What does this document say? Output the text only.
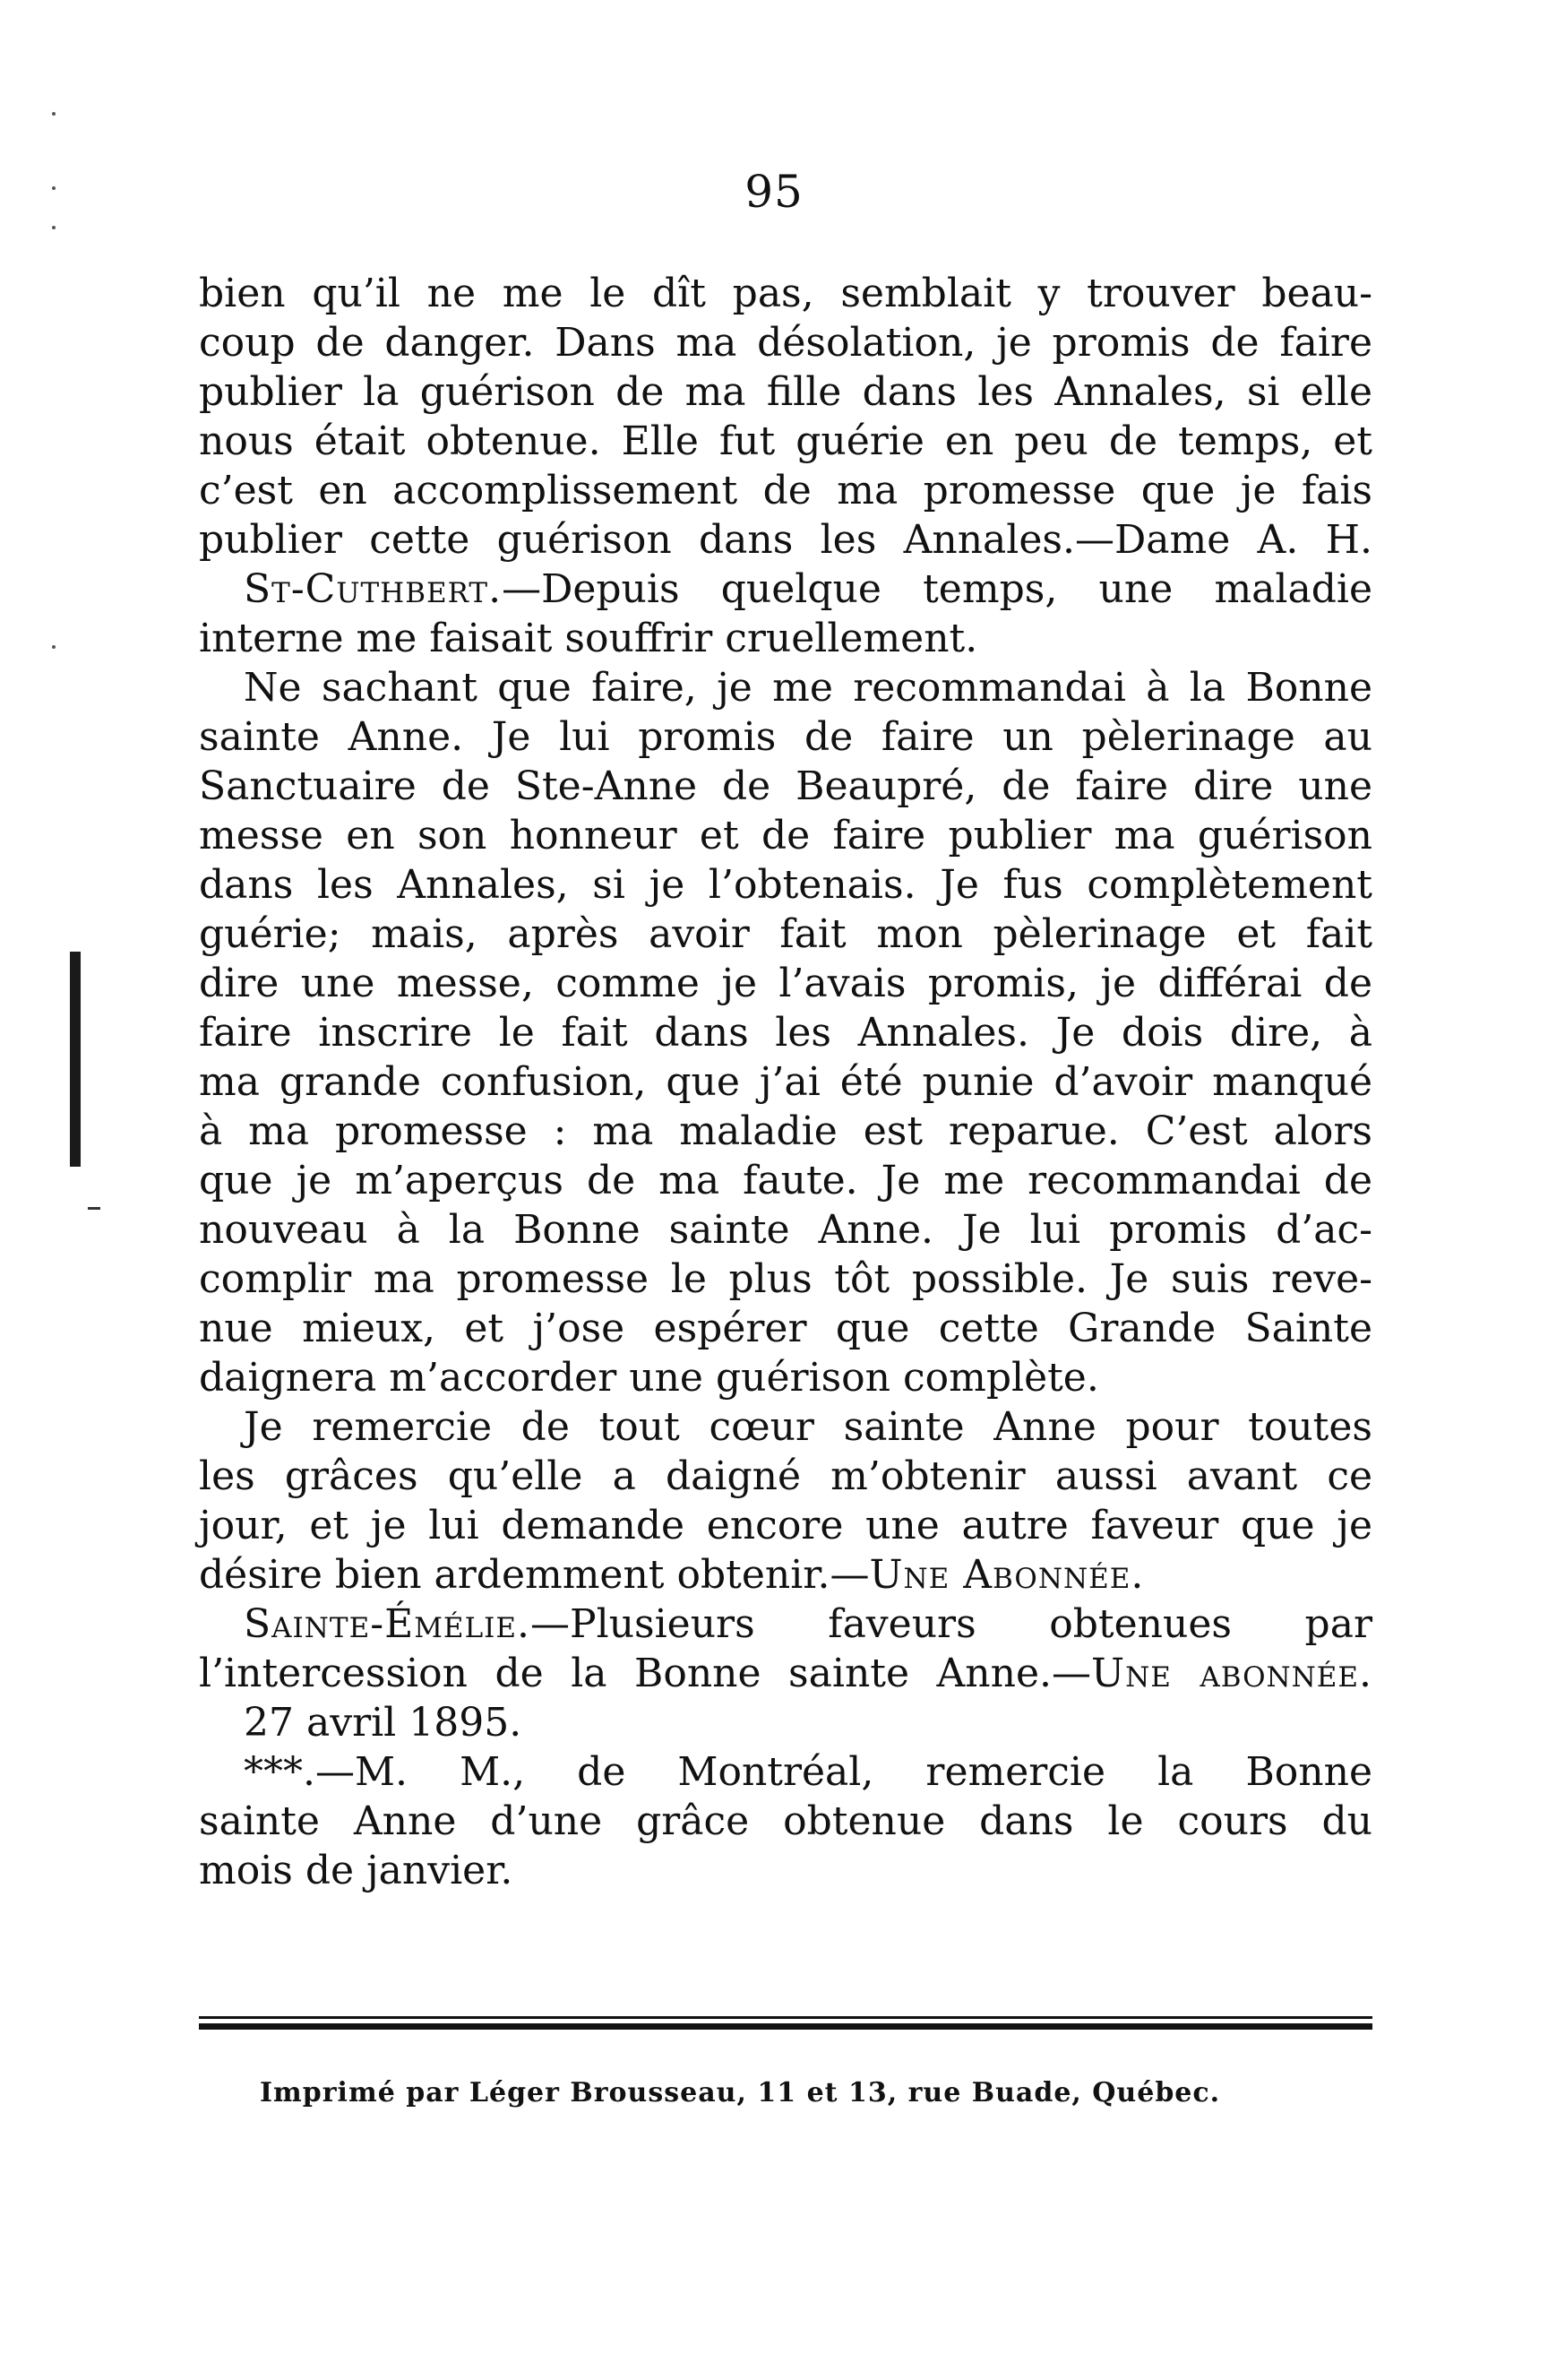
95
bien qu’il ne me le dît pas, semblait y trouver beau-
coup de danger. Dans ma désolation, je promis de faire
publier la guérison de ma fille dans les Annales, si elle
nous était obtenue. Elle fut guérie en peu de temps, et
c’est en accomplissement de ma promesse que je fais
publier cette guérison dans les Annales.—Dame A. H.
St-Cuthbert.—Depuis quelque temps, une maladie
interne me faisait souffrir cruellement.
Ne sachant que faire, je me recommandai à la Bonne
sainte Anne. Je lui promis de faire un pèlerinage au
Sanctuaire de Ste-Anne de Beaupré, de faire dire une
messe en son honneur et de faire publier ma guérison
dans les Annales, si je l’obtenais. Je fus complètement
guérie; mais, après avoir fait mon pèlerinage et fait
dire une messe, comme je l’avais promis, je différai de
faire inscrire le fait dans les Annales. Je dois dire, à
ma grande confusion, que j’ai été punie d’avoir manqué
à ma promesse : ma maladie est reparue. C’est alors
que je m’aperçus de ma faute. Je me recommandai de
nouveau à la Bonne sainte Anne. Je lui promis d’ac-
complir ma promesse le plus tôt possible. Je suis reve-
nue mieux, et j’ose espérer que cette Grande Sainte
daignera m’accorder une guérison complète.
Je remercie de tout cœur sainte Anne pour toutes
les grâces qu’elle a daigné m’obtenir aussi avant ce
jour, et je lui demande encore une autre faveur que je
désire bien ardemment obtenir.—Une Abonnée.
Sainte-Émélie.—Plusieurs faveurs obtenues par
l’intercession de la Bonne sainte Anne.—Une abonnée.
27 avril 1895.
***.—M. M., de Montréal, remercie la Bonne
sainte Anne d’une grâce obtenue dans le cours du
mois de janvier.
Imprimé par Léger Brousseau, 11 et 13, rue Buade, Québec.
